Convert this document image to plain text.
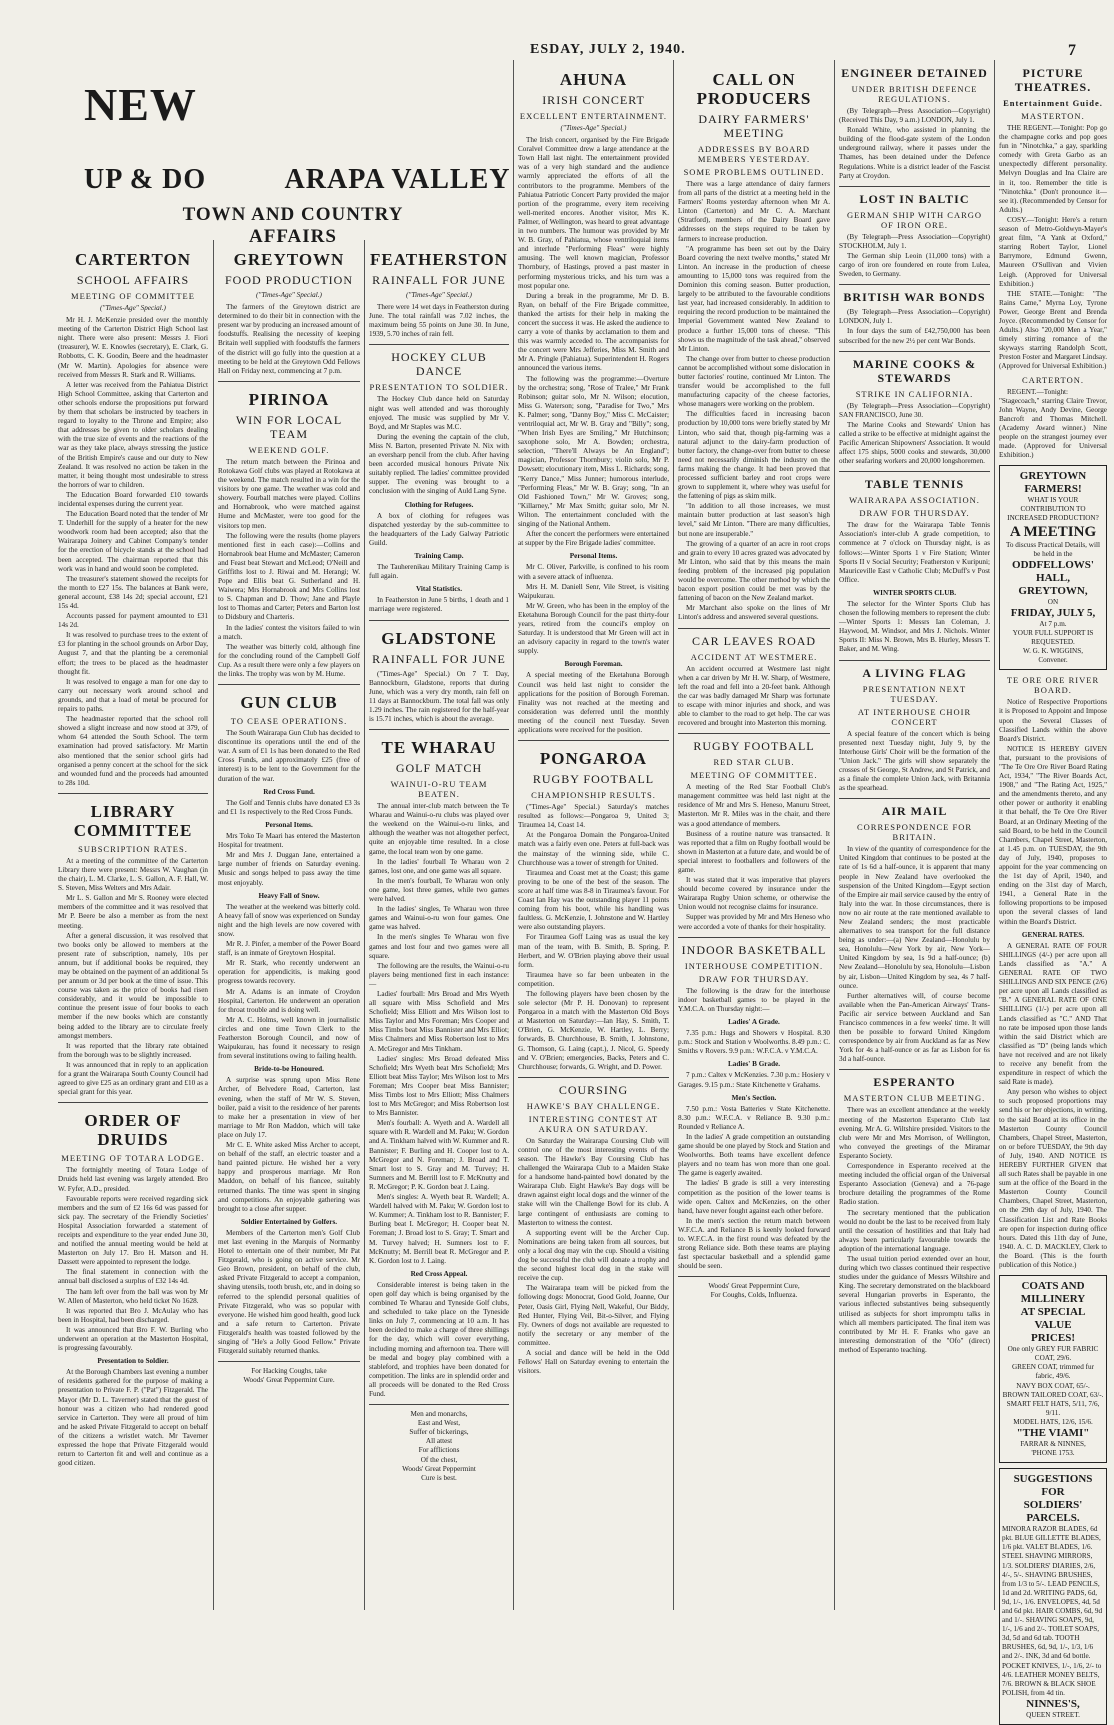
ESDAY, JULY 2, 1940.	7
NEW
UP & DO          ARAPA VALLEY
TOWN AND COUNTRY AFFAIRS
CARTERTON
SCHOOL AFFAIRS
MEETING OF COMMITTEE
("Times-Age" Special.)

Mr H. J. McKenzie presided over the monthly meeting of the Carterton District High School last night. There were also present: Messrs J. Fiori (treasurer), W. E. Knowles (secretary), E. Clark, G. Robbotts, C. K. Goodin, Beere and the headmaster (Mr W. Martin). Apologies for absence were received from Messrs R. Stark and R. Williams.

A letter was received from the Pahiatua District High School Committee, asking that Carterton and other schools endorse the propositions put forward by them that scholars be instructed by teachers in regard to loyalty to the Throne and Empire; also that addresses be given to older scholars dealing with the true size of events and the reactions of the war as they take place, always stressing the justice of the British Empire's cause and our duty to New Zealand. It was resolved no action be taken in the matter, it being thought most undesirable to stress the horrors of war to children.

The Education Board forwarded £10 towards incidental expenses during the current year.

The Education Board noted that the tender of Mr T. Underhill for the supply of a heater for the new woodwork room had been accepted; also that the Wairarapa Joinery and Cabinet Company's tender for the erection of bicycle stands at the school had been accepted. The chairman reported that this work was in hand and would soon be completed.

The treasurer's statement showed the receipts for the month to £27 15s. The balances at Bank were, general account, £38 14s 2d; special account, £21 15s 4d.

Accounts passed for payment amounted to £31 14s 2d.

It was resolved to purchase trees to the extent of £3 for planting in the school grounds on Arbor Day, August 7, and that the planting be a ceremonial effort; the trees to be placed as the headmaster thought fit.

It was resolved to engage a man for one day to carry out necessary work around school and grounds, and that a load of metal be procured for repairs to paths.

The headmaster reported that the school roll showed a slight increase and now stood at 379, of whom 64 attended the South School. The term examination had proved satisfactory. Mr Martin also mentioned that the senior school girls had organised a penny concert at the school for the sick and wounded fund and the proceeds had amounted to 28s 10d.

LIBRARY COMMITTEE
SUBSCRIPTION RATES.

At a meeting of the committee of the Carterton Library there were present: Messrs W. Vaughan (in the chair), L. M. Clarke, L. S. Gallon, A. F. Hall, W. S. Steven, Miss Welters and Mrs Adair.

Mr L. S. Gallon and Mr S. Rooney were elected members of the committee and it was resolved that Mr P. Beere be also a member as from the next meeting.

After a general discussion, it was resolved that two books only be allowed to members at the present rate of subscription, namely, 10s per annum, but if additional books be required, they may be obtained on the payment of an additional 5s per annum or 3d per book at the time of issue. This course was taken as the price of books had risen considerably, and it would be impossible to continue the present issue of four books to each member if the new books which are constantly being added to the library are to circulate freely amongst members.

It was reported that the library rate obtained from the borough was to be slightly increased.

It was announced that in reply to an application for a grant the Wairarapa South County Council had agreed to give £25 as an ordinary grant and £10 as a special grant for this year.

ORDER OF DRUIDS
MEETING OF TOTARA LODGE.

The fortnightly meeting of Totara Lodge of Druids held last evening was largely attended. Bro W. Fyfer, A.D., presided.

Favourable reports were received regarding sick members and the sum of £2 16s 6d was passed for sick pay. The secretary of the Friendly Societies' Hospital Association forwarded a statement of receipts and expenditure to the year ended June 30, and notified the annual meeting would be held at Masterton on July 17. Bro H. Matson and H. Dassett were appointed to represent the lodge.

The final statement in connection with the annual ball disclosed a surplus of £32 14s 4d.

The ham left over from the ball was won by Mr W. Allen of Masterton, who held ticket No 1628.

It was reported that Bro J. McAulay who has been in Hospital, had been discharged.

It was announced that Bro F. W. Burling who underwent an operation at the Masterton Hospital, is progressing favourably.

Presentation to Soldier.

At the Borough Chambers last evening a number of residents gathered for the purpose of making a presentation to Private F. P. ("Pat") Fitzgerald. The Mayor (Mr D. L. Taverner) stated that the guest of honour was a citizen who had rendered good service in Carterton. They were all proud of him and he asked Private Fitzgerald to accept on behalf of the citizens a wristlet watch. Mr Taverner expressed the hope that Private Fitzgerald would return to Carterton fit and well and continue as a good citizen.

GREYTOWN
FOOD PRODUCTION
("Times-Age" Special.)

The farmers of the Greytown district are determined to do their bit in connection with the present war by producing an increased amount of foodstuffs. Realising the necessity of keeping Britain well supplied with foodstuffs the farmers of the district will go fully into the question at a meeting to be held at the Greytown Odd Fellows Hall on Friday next, commencing at 7 p.m.

PIRINOA
WIN FOR LOCAL TEAM
WEEKEND GOLF.

The return match between the Pirinoa and Rotokawa Golf clubs was played at Rotokawa at the weekend. The match resulted in a win for the visitors by one game. The weather was cold and showery. Fourball matches were played. Collins and Hornabrook, who were matched against Hume and McMaster, were too good for the visitors top men.

The following were the results (home players mentioned first in each case):—Collins and Hornabrook beat Hume and McMaster; Cameron and Feast beat Stewart and McLeod; O'Neill and Griffiths lost to J. Riwai and M. Herangi; W. Pope and Ellis beat G. Sutherland and H. Waiwera; Mrs Hornabrook and Mrs Collins lost to S. Chapman and D. Thow; Jane and Playle lost to Thomas and Carter; Peters and Barton lost to Didsbury and Charteris.

In the ladies' contest the visitors failed to win a match.

The weather was bitterly cold, although fine for the concluding round of the Campbell Golf Cup. As a result there were only a few players on the links. The trophy was won by M. Hume.

GUN CLUB
TO CEASE OPERATIONS.

The South Wairarapa Gun Club has decided to discontinue its operations until the end of the war. A sum of £1 1s has been donated to the Red Cross Funds, and approximately £25 (free of interest) is to be lent to the Government for the duration of the war.

Red Cross Fund.

The Golf and Tennis clubs have donated £3 3s and £1 1s respectively to the Red Cross Funds.

Personal Items.

Mrs Toko Te Maari has entered the Masterton Hospital for treatment.

Mr and Mrs J. Duggan Jane, entertained a large number of friends on Saturday evening. Music and songs helped to pass away the time most enjoyably.

Heavy Fall of Snow.

The weather at the weekend was bitterly cold. A heavy fall of snow was experienced on Sunday night and the high levels are now covered with snow.

Mr R. J. Pinfer, a member of the Power Board staff, is an inmate of Greytown Hospital.

Mr R. Stark, who recently underwent an operation for appendicitis, is making good progress towards recovery.

Mr A. Adams is an inmate of Croydon Hospital, Carterton. He underwent an operation for throat trouble and is doing well.

Mr A. C. Holms, well known in journalistic circles and one time Town Clerk to the Featherston Borough Council, and now of Waipukurau, has found it necessary to resign from several institutions owing to failing health.

Bride-to-be Honoured.

A surprise was sprung upon Miss Rene Archer, of Belvedere Road, Carterton, last evening, when the staff of Mr W. S. Steven, boiler, paid a visit to the residence of her parents to make her a presentation in view of her marriage to Mr Ron Maddon, which will take place on July 17.

Mr C. E. White asked Miss Archer to accept, on behalf of the staff, an electric toaster and a hand painted picture. He wished her a very happy and prosperous marriage. Mr Ron Maddon, on behalf of his fiancee, suitably returned thanks. The time was spent in singing and competitions. An enjoyable gathering was brought to a close after supper.

Soldier Entertained by Golfers.

Members of the Carterton men's Golf Club met last evening in the Marquis of Normanby Hotel to entertain one of their number, Mr Pat Fitzgerald, who is going on active service. Mr Geo Brown, president, on behalf of the club, asked Private Fitzgerald to accept a companion, shaving utensils, tooth brush, etc, and in doing so referred to the splendid personal qualities of Private Fitzgerald, who was so popular with everyone. He wished him good health, good luck and a safe return to Carterton. Private Fitzgerald's health was toasted followed by the singing of "He's a Jolly Good Fellow." Private Fitzgerald suitably returned thanks.

For Hacking Coughs, take
Woods' Great Peppermint Cure.
FEATHERSTON
RAINFALL FOR JUNE
("Times-Age" Special.)

There were 14 wet days in Featherston during June. The total rainfall was 7.02 inches, the maximum being 55 points on June 30. In June, 1939, 5.70 inches of rain fell.

HOCKEY CLUB DANCE
PRESENTATION TO SOLDIER.

The Hockey Club dance held on Saturday night was well attended and was thoroughly enjoyed. The music was supplied by Mr V. Boyd, and Mr Staples was M.C.

During the evening the captain of the club, Miss N. Barton, presented Private N. Nix with an eversharp pencil from the club. After having been accorded musical honours Private Nix suitably replied. The ladies' committee provided supper. The evening was brought to a conclusion with the singing of Auld Lang Syne.

Clothing for Refugees.

A box of clothing for refugees was dispatched yesterday by the sub-committee to the headquarters of the Lady Galway Patriotic Guild.

Training Camp.

The Tauherenikau Military Training Camp is full again.

Vital Statistics.

In Featherston in June 5 births, 1 death and 1 marriage were registered.

GLADSTONE
RAINFALL FOR JUNE

("Times-Age" Special.) On 7 T. Day, Bannockburn, Gladstone, reports that during June, which was a very dry month, rain fell on 11 days at Bannockburn. The total fall was only 1.29 inches. The rain registered for the half-year is 15.71 inches, which is about the average.

TE WHARAU
GOLF MATCH
WAINUI-O-RU TEAM BEATEN.

The annual inter-club match between the Te Wharau and Wainui-o-ru clubs was played over the weekend on the Wainui-o-ru links, and although the weather was not altogether perfect, quite an enjoyable time resulted. In a close game, the local team won by one game.

In the ladies' fourball Te Wharau won 2 games, lost one, and one game was all square.

In the men's fourball, Te Wharau won only one game, lost three games, while two games were halved.

In the ladies' singles, Te Wharau won three games and Wainui-o-ru won four games. One game was halved.

In the men's singles Te Wharau won five games and lost four and two games were all square.

The following are the results, the Wainui-o-ru players being mentioned first in each instance:—

Ladies' fourball: Mrs Broad and Mrs Wyeth all square with Miss Schofield and Mrs Schofield; Miss Elliott and Mrs Wilson lost to Miss Taylor and Mrs Foreman; Mrs Cooper and Miss Timbs beat Miss Bannister and Mrs Elliot; Miss Chalmers and Miss Robertson lost to Mrs A. McGregor and Mrs Tinkham.

Ladies' singles: Mrs Broad defeated Miss Schofield; Mrs Wyeth beat Mrs Schofield; Mrs Elliott beat Miss Taylor; Mrs Wilson lost to Mrs Foreman; Mrs Cooper beat Miss Bannister; Miss Timbs lost to Mrs Elliott; Miss Chalmers lost to Mrs McGregor; and Miss Robertson lost to Mrs Bannister.

Men's fourball: A. Wyeth and A. Wardell all square with R. Wardell and M. Paku; W. Gordon and A. Tinkham halved with W. Kummer and R. Bannister; F. Burling and H. Cooper lost to A. McGregor and N. Foreman; J. Broad and T. Smart lost to S. Gray and M. Turvey; H. Sumners and M. Berrill lost to F. McKnutty and R. McGregor; P. K. Gordon beat J. Laing.

Men's singles: A. Wyeth beat R. Wardell; A. Wardell halved with M. Paku; W. Gordon lost to W. Kummer; A. Tinkham lost to R. Bannister; F. Burling beat I. McGregor; H. Cooper beat N. Foreman; J. Broad lost to S. Gray; T. Smart and M. Turvey halved; H. Sumners lost to F. McKnutty; M. Berrill beat R. McGregor and P. K. Gordon lost to J. Laing.

Red Cross Appeal.

Considerable interest is being taken in the open golf day which is being organised by the combined Te Wharau and Tyneside Golf clubs, and scheduled to take place on the Tyneside links on July 7, commencing at 10 a.m. It has been decided to make a charge of three shillings for the day, which will cover everything, including morning and afternoon tea. There will be medal and bogey play combined with a stableford, and trophies have been donated for competition. The links are in splendid order and all proceeds will be donated to the Red Cross Fund.

Men and monarchs,
East and West,
Suffer of bickerings,
All attest
For afflictions
Of the chest,
Woods' Great Peppermint
Cure is best.
AHUNA
IRISH CONCERT
EXCELLENT ENTERTAINMENT.
("Times-Age" Special.)

The Irish concert, organised by the Fire Brigade Coralvel Committee drew a large attendance at the Town Hall last night. The entertainment provided was of a very high standard and the audience warmly appreciated the efforts of all the contributors to the programme. Members of the Pahiatua Patriotic Concert Party provided the major portion of the programme, every item receiving well-merited encores. Another visitor, Mrs K. Palmer, of Wellington, was heard to great advantage in two numbers. The humour was provided by Mr W. B. Gray, of Pahiatua, whose ventriloquial items and interlude "Performing Fleas" were highly amusing. The well known magician, Professor Thornbury, of Hastings, proved a past master in performing mysterious tricks, and his turn was a most popular one.

During a break in the programme, Mr D. B. Ryan, on behalf of the Fire Brigade committee, thanked the artists for their help in making the concert the success it was. He asked the audience to carry a vote of thanks by acclamation to them and this was warmly acceded to. The accompanists for the concert were Mrs Jefferies, Miss M. Smith and Mr A. Pringle (Pahiatua). Superintendent H. Rogers announced the various items.

The following was the programme:—Overture by the orchestra; song, "Rose of Tralee," Mr Frank Robinson; guitar solo, Mr N. Wilson; elocution, Miss G. Waterson; song, "Paradise for Two," Mrs K. Palmer; song, "Danny Boy," Miss C. McCaister; ventriloquial act, Mr W. B. Gray and "Billy"; song, "When Irish Eyes are Smiling," Mr Hutchinson; saxophone solo, Mr A. Bowden; orchestra, selection, "There'll Always be An England"; magician, Professor Thornbury; violin solo, Mr P. Dowsett; elocutionary item, Miss L. Richards; song, "Kerry Dance," Miss Junner; humorous interlude, "Performing Fleas," Mr W. B. Gray; song, "In an Old Fashioned Town," Mr W. Groves; song, "Killarney," Mr Max Smith; guitar solo, Mr N. Wilton. The entertainment concluded with the singing of the National Anthem.

After the concert the performers were entertained at supper by the Fire Brigade ladies' committee.

Personal Items.

Mr C. Oliver, Parkville, is confined to his room with a severe attack of influenza.

Mrs H. M. Daniell Senr, Vile Street, is visiting Waipukurau.

Mr W. Green, who has been in the employ of the Eketahuna Borough Council for the past thirty-four years, retired from the council's employ on Saturday. It is understood that Mr Green will act in an advisory capacity in regard to the town's water supply.

Borough Foreman.

A special meeting of the Eketahuna Borough Council was held last night to consider the applications for the position of Borough Foreman. Finality was not reached at the meeting and consideration was deferred until the monthly meeting of the council next Tuesday. Seven applications were received for the position.

PONGAROA
RUGBY FOOTBALL
CHAMPIONSHIP RESULTS.

("Times-Age" Special.) Saturday's matches resulted as follows:—Pongaroa 9, United 3; Tiraumea 14, Coast 14.

At the Pongaroa Domain the Pongaroa-United match was a fairly even one. Peters at full-back was the mainstay of the winning side, while C. Churchhouse was a tower of strength for United.

Tiraumea and Coast met at the Coast; this game proving to be one of the best of the season. The score at half time was 8-8 in Tiraumea's favour. For Coast Ian Hay was the outstanding player 11 points coming from his boot, while his handling was faultless. G. McKenzie, I. Johnstone and W. Hartley were also outstanding players.

For Tiraumea Goff Laing was as usual the key man of the team, with B. Smith, B. Spring, P. Herbert, and W. O'Brien playing above their usual form.

Tiraumea have so far been unbeaten in the competition.

The following players have been chosen by the sole selector (Mr P. H. Donovan) to represent Pongaroa in a match with the Masterton Old Boys at Masterton on Saturday:—Ian Hay, S. Smith, T. O'Brien, G. McKenzie, W. Hartley, L. Berry; forwards, B. Churchhouse, B. Smith, I. Johnstone, G. Thomson, G. Laing (capt.), J. Nicol, G. Speedy and V. O'Brien; emergencies, Backs, Peters and C. Churchhouse; forwards, G. Wright, and D. Power.

COURSING
HAWKE'S BAY CHALLENGE.
INTERESTING CONTEST AT AKURA ON SATURDAY.

On Saturday the Wairarapa Coursing Club will control one of the most interesting events of the season. The Hawke's Bay Coursing Club has challenged the Wairarapa Club to a Maiden Stake for a handsome hand-painted bowl donated by the Wairarapa Club. Eight Hawke's Bay dogs will be drawn against eight local dogs and the winner of the stake will win the Challenge Bowl for its club. A large contingent of enthusiasts are coming to Masterton to witness the contest.

A supporting event will be the Archer Cup. Nominations are being taken from all sources, but only a local dog may win the cup. Should a visiting dog be successful the club will donate a trophy and the second highest local dog in the stake will receive the cup.

The Wairarapa team will be picked from the following dogs: Monocrat, Good Gold, Joanne, Our Peter, Oasis Girl, Flying Nell, Wakeful, Our Biddy, Red Hunter, Flying Veil, Bit-o-Silver, and Flying Fly. Owners of dogs not available are requested to notify the secretary or any member of the committee.

A social and dance will be held in the Odd Fellows' Hall on Saturday evening to entertain the visitors.

CALL ON PRODUCERS
DAIRY FARMERS' MEETING
ADDRESSES BY BOARD MEMBERS YESTERDAY.
SOME PROBLEMS OUTLINED.

There was a large attendance of dairy farmers from all parts of the district at a meeting held in the Farmers' Rooms yesterday afternoon when Mr A. Linton (Carterton) and Mr C. A. Marchant (Stratford), members of the Dairy Board gave addresses on the steps required to be taken by farmers to increase production.

"A programme has been set out by the Dairy Board covering the next twelve months," stated Mr Linton. An increase in the production of cheese amounting to 15,000 tons was required from the Dominion this coming season. Butter production, largely to be attributed to the favourable conditions last year, had increased considerably. In addition to requiring the record production to be maintained the Imperial Government wanted New Zealand to produce a further 15,000 tons of cheese. "This shows us the magnitude of the task ahead," observed Mr Linton.

The change over from butter to cheese production cannot be accomplished without some dislocation in butter factories' routine, continued Mr Linton. The transfer would be accomplished to the full manufacturing capacity of the cheese factories, whose managers were working on the problem.

The difficulties faced in increasing bacon production by 10,000 tons were briefly stated by Mr Linton, who said that, though pig-farming was a natural adjunct to the dairy-farm production of butter factory, the change-over from butter to cheese need not necessarily diminish the industry on the farms making the change. It had been proved that processed sufficient barley and root crops were grown to supplement it, where whey was useful for the fattening of pigs as skim milk.

"In addition to all those increases, we must maintain butter production at last season's high level," said Mr Linton. "There are many difficulties, but none are insuperable."

The growing of a quarter of an acre in root crops and grain to every 10 acres grazed was advocated by Mr Linton, who said that by this means the main feeding problem of the increased pig population would be overcome. The other method by which the bacon export position could be met was by the fattening of bacon on the New Zealand market.

Mr Marchant also spoke on the lines of Mr Linton's address and answered several questions.

CAR LEAVES ROAD
ACCIDENT AT WESTMERE.

An accident occurred at Westmere last night when a car driven by Mr H. W. Sharp, of Westmere, left the road and fell into a 20-feet bank. Although the car was badly damaged Mr Sharp was fortunate to escape with minor injuries and shock, and was able to clamber to the road to get help. The car was recovered and brought into Masterton this morning.

RUGBY FOOTBALL
RED STAR CLUB.
MEETING OF COMMITTEE.

A meeting of the Red Star Football Club's management committee was held last night at the residence of Mr and Mrs S. Heneso, Manuru Street, Masterton. Mr R. Miles was in the chair, and there was a good attendance of members.

Business of a routine nature was transacted. It was reported that a film on Rugby football would be shown in Masterton at a future date, and would be of special interest to footballers and followers of the game.

It was stated that it was imperative that players should become covered by insurance under the Wairarapa Rugby Union scheme, or otherwise the Union would not recognise claims for insurance.

Supper was provided by Mr and Mrs Heneso who were accorded a vote of thanks for their hospitality.

INDOOR BASKETBALL
INTERHOUSE COMPETITION.
DRAW FOR THURSDAY.

The following is the draw for the interhouse indoor basketball games to be played in the Y.M.C.A. on Thursday night:—

Ladies' A Grade.

7.35 p.m.: Hugs and Showers v Hospital. 8.30 p.m.: Stock and Station v Woolworths. 8.49 p.m.: C. Smiths v Rovers. 9.9 p.m.: W.F.C.A. v Y.M.C.A.

Ladies' B Grade.

7 p.m.: Caltex v McKenzies. 7.30 p.m.: Hosiery v Garages. 9.15 p.m.: State Kitchenette v Grahams.

Men's Section.

7.50 p.m.: Vosta Batteries v State Kitchenette. 8.30 p.m.: W.F.C.A. v Reliance B. 9.30 p.m.: Rounded v Reliance A.

In the ladies' A grade competition an outstanding game should be one played by Stock and Station and Woolworths. Both teams have excellent defence players and no team has won more than one goal. The game is eagerly awaited.

The ladies' B grade is still a very interesting competition as the position of the lower teams is wide open. Caltex and McKenzies, on the other hand, have never fought against each other before.

In the men's section the return match between W.F.C.A. and Reliance B is keenly looked forward to. W.F.C.A. in the first round was defeated by the strong Reliance side. Both these teams are playing fast spectacular basketball and a splendid game should be seen.

Woods' Great Peppermint Cure,
For Coughs, Colds, Influenza.
ENGINEER DETAINED
UNDER BRITISH DEFENCE REGULATIONS.

(By Telegraph—Press Association—Copyright) (Received This Day, 9 a.m.) LONDON, July 1.

Ronald White, who assisted in planning the building of the flood-gate system of the London underground railway, where it passes under the Thames, has been detained under the Defence Regulations. White is a district leader of the Fascist Party at Croydon.

LOST IN BALTIC
GERMAN SHIP WITH CARGO OF IRON ORE.

(By Telegraph—Press Association—Copyright) STOCKHOLM, July 1.

The German ship Leoin (11,000 tons) with a cargo of iron ore foundered en route from Lulea, Sweden, to Germany.

BRITISH WAR BONDS

(By Telegraph—Press Association—Copyright) LONDON, July 1.

In four days the sum of £42,750,000 has been subscribed for the new 2½ per cent War Bonds.

MARINE COOKS & STEWARDS
STRIKE IN CALIFORNIA.

(By Telegraph—Press Association—Copyright) SAN FRANCISCO, June 30.

The Marine Cooks and Stewards' Union has called a strike to be effective at midnight against the Pacific American Shipowners' Association. It would affect 175 ships, 5000 cooks and stewards, 30,000 other seafaring workers and 20,000 longshoremen.

TABLE TENNIS
WAIRARAPA ASSOCIATION.
DRAW FOR THURSDAY.

The draw for the Wairarapa Table Tennis Association's inter-club A grade competition, to commence at 7 o'clock on Thursday night, is as follows:—Winter Sports 1 v Fire Station; Winter Sports II v Social Security; Featherston v Kuripuni; Mauriceville East v Catholic Club; McDuff's v Post Office.

WINTER SPORTS CLUB.

The selector for the Winter Sports Club has chosen the following members to represent the club:—Winter Sports 1: Messrs Ian Coleman, J. Haywood, M. Windsor, and Mrs J. Nichols. Winter Sports II: Miss N. Brown, Mrs B. Hurley, Messrs T. Baker, and M. Wing.

A LIVING FLAG
PRESENTATION NEXT TUESDAY.
AT INTERHOUSE CHOIR CONCERT

A special feature of the concert which is being presented next Tuesday night, July 9, by the Interhouse Girls' Choir will be the formation of the "Union Jack." The girls will show separately the crosses of St George, St Andrew, and St Patrick, and as a finale the complete Union Jack, with Britannia as the spearhead.

AIR MAIL
CORRESPONDENCE FOR BRITAIN.

In view of the quantity of correspondence for the United Kingdom that continues to be posted at the rate of 1s 6d a half-ounce, it is apparent that many people in New Zealand have overlooked the suspension of the United Kingdom—Egypt section of the Empire air mail service caused by the entry of Italy into the war. In those circumstances, there is now no air route at the rate mentioned available to New Zealand senders; the most practicable alternatives to sea transport for the full distance being as under:—(a) New Zealand—Honolulu by sea, Honolulu—New York by air, New York—United Kingdom by sea, 1s 9d a half-ounce; (b) New Zealand—Honolulu by sea, Honolulu—Lisbon by air, Lisbon—United Kingdom by sea, 4s 7 half-ounce.

Further alternatives will, of course become available when the Pan-American Airways' Trans-Pacific air service between Auckland and San Francisco commences in a few weeks' time. It will then be possible to forward United Kingdom correspondence by air from Auckland as far as New York for 4s a half-ounce or as far as Lisbon for 6s 3d a half-ounce.

ESPERANTO
MASTERTON CLUB MEETING.

There was an excellent attendance at the weekly meeting of the Masterton Esperanto Club last evening. Mr A. G. Wiltshire presided. Visitors to the club were Mr and Mrs Morrison, of Wellington, who conveyed the greetings of the Miramar Esperanto Society.

Correspondence in Esperanto received at the meeting included the official organ of the Universal Esperanto Association (Geneva) and a 76-page brochure detailing the programmes of the Rome Radio station.

The secretary mentioned that the publication would no doubt be the last to be received from Italy until the cessation of hostilities and that Italy had always been particularly favourable towards the adoption of the international language.

The usual tuition period extended over an hour, during which two classes continued their respective studies under the guidance of Messrs Wiltshire and King. The secretary demonstrated on the blackboard several Hungarian proverbs in Esperanto, the various inflected substantives being subsequently utilised as subjects for short impromptu talks in which all members participated. The final item was contributed by Mr H. F. Franks who gave an interesting demonstration of the "Ofo" (direct) method of Esperanto teaching.

PICTURE THEATRES.
Entertainment Guide.
MASTERTON.

THE REGENT.—Tonight: Pop go the champagne corks and pop goes fun in "Ninotchka," a gay, sparkling comedy with Greta Garbo as an unexpectedly different personality. Melvyn Douglas and Ina Claire are in it, too. Remember the title is "Ninotchka." (Don't pronounce it—see it). (Recommended by Censor for Adults.)

COSY.—Tonight: Here's a return season of Metro-Goldwyn-Mayer's great film, "A Yank at Oxford," starring Robert Taylor, Lionel Barrymore, Edmund Gwenn, Maureen O'Sullivan and Vivien Leigh. (Approved for Universal Exhibition.)

THE STATE.—Tonight: "The Rains Came," Myrna Loy, Tyrone Power, George Brent and Brenda Joyce. (Recommended by Censor for Adults.) Also "20,000 Men a Year," timely stirring romance of the skyways starring Randolph Scott, Preston Foster and Margaret Lindsay. (Approved for Universal Exhibition.)

CARTERTON.

REGENT.—Tonight: "Stagecoach," starring Claire Trevor, John Wayne, Andy Devine, George Bancroft and Thomas Mitchell. (Academy Award winner.) Nine people on the strangest journey ever made. (Approved for Universal Exhibition.)

GREYTOWN
FARMERS!
WHAT IS YOUR CONTRIBUTION TO INCREASED PRODUCTION?
A MEETING
To discuss Practical Details, will be held in the
ODDFELLOWS' HALL,
GREYTOWN,
ON
FRIDAY, JULY 5,
At 7 p.m.
YOUR FULL SUPPORT IS REQUESTED.
W. G. K. WIGGINS,
Convener.
TE ORE ORE RIVER BOARD.

Notice of Respective Proportions it is Proposed to Appoint and Impose upon the Several Classes of Classified Lands within the above Board's District.

NOTICE IS HEREBY GIVEN that, pursuant to the provisions of "The Te Ore Ore River Board Rating Act, 1934," "The River Boards Act, 1908," and "The Rating Act, 1925," and the amendments thereto, and any other power or authority it enabling it that behalf, the Te Ore Ore River Board, at an Ordinary Meeting of the said Board, to be held in the Council Chambers, Chapel Street, Masterton, at 1.45 p.m. on TUESDAY, the 9th day of July, 1940, proposes to appoint for the year commencing on the 1st day of April, 1940, and ending on the 31st day of March, 1941, a General Rate in the following proportions to be imposed upon the several classes of land within the Board's District.

GENERAL RATES.

A GENERAL RATE OF FOUR SHILLINGS (4/-) per acre upon all Lands classified as "A." A GENERAL RATE OF TWO SHILLINGS AND SIX PENCE (2/6) per acre upon all Lands classified as "B." A GENERAL RATE OF ONE SHILLING (1/-) per acre upon all Lands classified as "C." AND That no rate be imposed upon those lands within the said District which are classified as "D" (being lands which have not received and are not likely to receive any benefit from the expenditure in respect of which the said Rate is made).

Any person who wishes to object to such proposed proportions may send his or her objections, in writing, to the said Board at its office in the Masterton County Council Chambers, Chapel Street, Masterton, on or before TUESDAY, the 9th day of July, 1940. AND NOTICE IS HEREBY FURTHER GIVEN that all such Rates shall be payable in one sum at the office of the Board in the Masterton County Council Chambers, Chapel Street, Masterton, on the 29th day of July, 1940. The Classification List and Rate Books are open for inspection during office hours. Dated this 11th day of June, 1940. A. C. D. MACKLEY, Clerk to the Board. (This is the fourth publication of this Notice.)

COATS AND MILLINERY
AT SPECIAL VALUE
PRICES!
One only GREY FUR FABRIC COAT, 29/6.
GREEN COAT, trimmed fur fabric, 49/6.
NAVY BOX COAT, 65/-.
BROWN TAILORED COAT, 63/-.
SMART FELT HATS, 5/11, 7/6, 9/11.
MODEL HATS, 12/6, 15/6.
"THE VIAMI"
FARRAR & NINNES,
'PHONE 1753.
SUGGESTIONS FOR
SOLDIERS' PARCELS.
MINORA RAZOR BLADES, 6d pkt. BLUE GILLETTE BLADES, 1/6 pkt. VALET BLADES, 1/6. STEEL SHAVING MIRRORS, 1/3. SOLDIERS' DIARIES, 2/6, 4/-, 5/-. SHAVING BRUSHES, from 1/3 to 5/-. LEAD PENCILS, 1d and 2d. WRITING PADS, 6d, 9d, 1/-, 1/6. ENVELOPES, 4d, 5d and 6d pkt. HAIR COMBS, 6d, 9d and 1/-. SHAVING SOAPS, 9d, 1/-, 1/6 and 2/-. TOILET SOAPS, 3d, 5d and 6d tab. TOOTH BRUSHES, 6d, 9d, 1/-, 1/3, 1/6 and 2/-. INK, 3d and 6d bottle. POCKET KNIVES, 1/-, 1/6, 2/- to 4/6. LEATHER MONEY BELTS, 7/6. BROWN & BLACK SHOE POLISH, from 4d tin.
NINNES'S,
QUEEN STREET.
